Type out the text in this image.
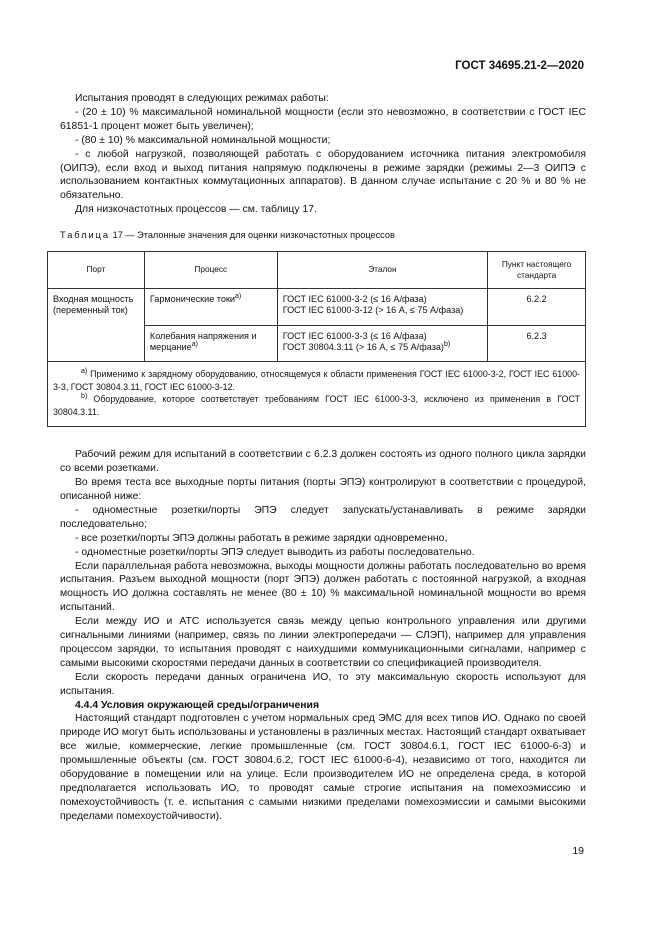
ГОСТ 34695.21-2—2020

Испытания проводят в следующих режимах работы:

- (20 ± 10) % максимальной номинальной мощности (если это невозможно, в соответствии с ГОСТ IEC 61851-1 процент может быть увеличен);

- (80 ± 10) % максимальной номинальной мощности;

- с любой нагрузкой, позволяющей работать с оборудованием источника питания электромобиля (ОИПЭ), если вход и выход питания напрямую подключены в режиме зарядки (режимы 2—3 ОИПЭ с использованием контактных коммутационных аппаратов). В данном случае испытание с 20 % и 80 % не обязательно.

Для низкочастотных процессов — см. таблицу 17.

Таблица 17 — Эталонные значения для оценки низкочастотных процессов
Порт	Процесс	Эталон	Пункт настоящего стандарта
Входная мощность (переменный ток)	Гармонические токи$^{а)}$	ГОСТ IEC 61000-3-2 (≤ 16 А/фаза)
ГОСТ IEC 61000-3-12 (> 16 А, ≤ 75 А/фаза)	6.2.2
	Колебания напряжения и мерцание$^{а)}$	ГОСТ IEC 61000-3-3 (≤ 16 А/фаза)
ГОСТ 30804.3.11 (> 16 А, ≤ 75 А/фаза)$^{b)}$	6.2.3

$^{а)}$ Применимо к зарядному оборудованию, относящемуся к области применения ГОСТ IEC 61000-3-2, ГОСТ IEC 61000-3-3, ГОСТ 30804.3.11, ГОСТ IEC 61000-3-12.

$^{b)}$ Оборудование, которое соответствует требованиям ГОСТ IEC 61000-3-3, исключено из применения в ГОСТ 30804.3.11.			

Рабочий режим для испытаний в соответствии с 6.2.3 должен состоять из одного полного цикла зарядки со всеми розетками.

Во время теста все выходные порты питания (порты ЭПЭ) контролируют в соответствии с процедурой, описанной ниже:

- одноместные розетки/порты ЭПЭ следует запускать/устанавливать в режиме зарядки последовательно;

- все розетки/порты ЭПЭ должны работать в режиме зарядки одновременно,

- одноместные розетки/порты ЭПЭ следует выводить из работы последовательно.

Если параллельная работа невозможна, выходы мощности должны работать последовательно во время испытания. Разъем выходной мощности (порт ЭПЭ) должен работать с постоянной нагрузкой, а входная мощность ИО должна составлять не менее (80 ± 10) % максимальной номинальной мощности во время испытаний.

Если между ИО и АТС используется связь между цепью контрольного управления или другими сигнальными линиями (например, связь по линии электропередачи — СЛЭП), например для управления процессом зарядки, то испытания проводят с наихудшими коммуникационными сигналами, например с самыми высокими скоростями передачи данных в соответствии со спецификацией производителя.

Если скорость передачи данных ограничена ИО, то эту максимальную скорость используют для испытания.

4.4.4 Условия окружающей среды/ограничения

Настоящий стандарт подготовлен с учетом нормальных сред ЭМС для всех типов ИО. Однако по своей природе ИО могут быть использованы и установлены в различных местах. Настоящий стандарт охватывает все жилые, коммерческие, легкие промышленные (см. ГОСТ 30804.6.1, ГОСТ IEC 61000-6-3) и промышленные объекты (см. ГОСТ 30804.6.2, ГОСТ IEC 61000-6-4), независимо от того, находится ли оборудование в помещении или на улице. Если производителем ИО не определена среда, в которой предполагается использовать ИО, то проводят самые строгие испытания на помехоэмиссию и помехоустойчивость (т. е. испытания с самыми низкими пределами помехоэмиссии и самыми высокими пределами помехоустойчивости).

19
